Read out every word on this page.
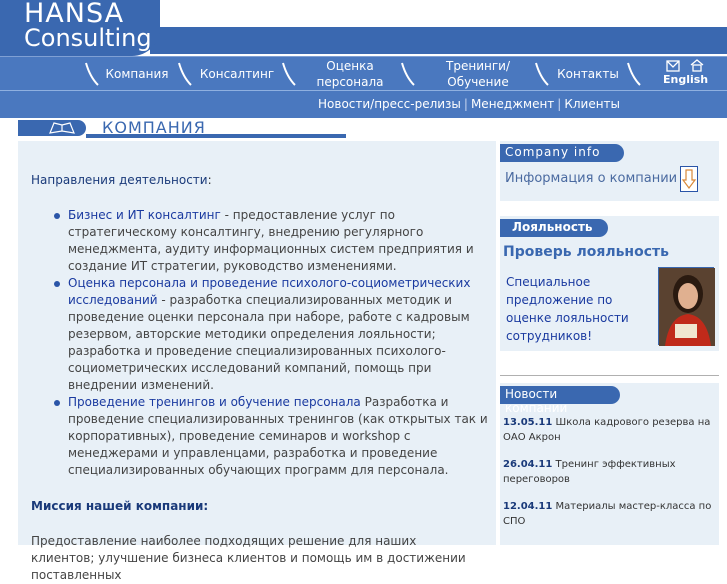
HANSA
Consulting
Компания	Консалтинг
Оценка персонала
Тренинги/Обучение
Контакты	English
Новости/пресс-релизы | Менеджмент | Клиенты
КОМПАНИЯ
Направления деятельности:
Бизнес и ИТ консалтинг - предоставление услуг по стратегическому консалтингу, внедрению регулярного менеджмента, аудиту информационных систем предприятия и создание ИТ стратегии, руководство изменениями.
Оценка персонала и проведение психолого-социометрических исследований - разработка специализированных методик и проведение оценки персонала при наборе, работе с кадровым резервом, авторские методики определения лояльности; разработка и проведение специализированных психолого-социометрических исследований компаний, помощь при внедрении изменений.
Проведение тренингов и обучение персонала Разработка и проведение специализированных тренингов (как открытых так и корпоративных), проведение семинаров и workshop с менеджерами и управленцами, разработка и проведение специализированных обучающих программ для персонала.
Миссия нашей компании:
Предоставление наиболее подходящих решение для наших клиентов; улучшение бизнеса клиентов и помощь им в достижении поставленных
Company info
Информация о компании
Лояльность
Проверь лояльность
Специальное предложение по оценке лояльности сотрудников!
Новости компании
13.05.11 Школа кадрового резерва на ОАО Акрон
26.04.11 Тренинг эффективных переговоров
12.04.11 Материалы мастер-класса по СПО
